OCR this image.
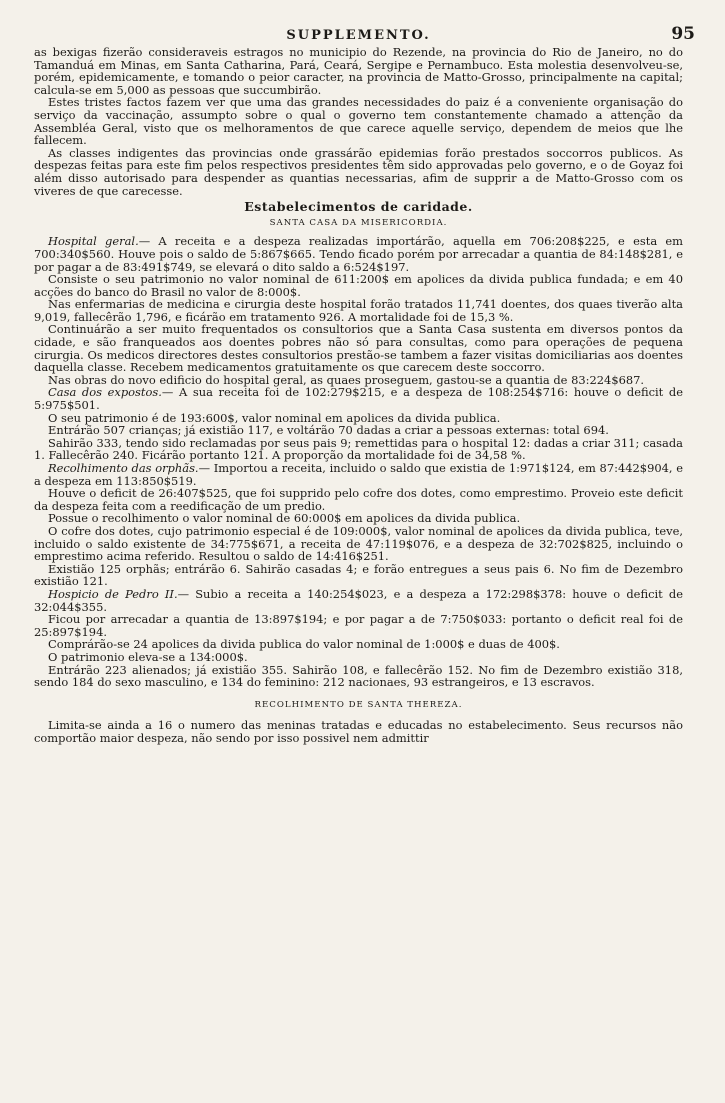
SUPPLEMENTO.	95

as bexigas fizerão consideraveis estragos no municipio do Rezende, na provincia do Rio de Janeiro, no do Tamanduá em Minas, em Santa Catharina, Pará, Ceará, Sergipe e Pernambuco. Esta molestia desenvolveu-se, porém, epidemicamente, e tomando o peior caracter, na provincia de Matto-Grosso, principalmente na capital; calcula-se em 5,000 as pessoas que succumbirão.

Estes tristes factos fazem ver que uma das grandes necessidades do paiz é a conveniente organisação do serviço da vaccinação, assumpto sobre o qual o governo tem constantemente chamado a attenção da Assembléa Geral, visto que os melhoramentos de que carece aquelle serviço, dependem de meios que lhe fallecem.

As classes indigentes das provincias onde grassárão epidemias forão prestados soccorros publicos. As despezas feitas para este fim pelos respectivos presidentes têm sido approvadas pelo governo, e o de Goyaz foi além disso autorisado para despender as quantias necessarias, afim de supprir a de Matto-Grosso com os viveres de que carecesse.

Estabelecimentos de caridade.
SANTA CASA DA MISERICORDIA.

Hospital geral.— A receita e a despeza realizadas importárão, aquella em 706:208$225, e esta em 700:340$560. Houve pois o saldo de 5:867$665. Tendo ficado porém por arrecadar a quantia de 84:148$281, e por pagar a de 83:491$749, se elevará o dito saldo a 6:524$197.

Consiste o seu patrimonio no valor nominal de 611:200$ em apolices da divida publica fundada; e em 40 acções do banco do Brasil no valor de 8:000$.

Nas enfermarias de medicina e cirurgia deste hospital forão tratados 11,741 doentes, dos quaes tiverão alta 9,019, fallecêrão 1,796, e ficárão em tratamento 926. A mortalidade foi de 15,3 %.

Continuárão a ser muito frequentados os consultorios que a Santa Casa sustenta em diversos pontos da cidade, e são franqueados aos doentes pobres não só para consultas, como para operações de pequena cirurgia. Os medicos directores destes consultorios prestão-se tambem a fazer visitas domiciliarias aos doentes daquella classe. Recebem medicamentos gratuitamente os que carecem deste soccorro.

Nas obras do novo edificio do hospital geral, as quaes proseguem, gastou-se a quantia de 83:224$687.

Casa dos expostos.— A sua receita foi de 102:279$215, e a despeza de 108:254$716: houve o deficit de 5:975$501.

O seu patrimonio é de 193:600$, valor nominal em apolices da divida publica.

Entrárão 507 crianças; já existião 117, e voltárão 70 dadas a criar a pessoas externas: total 694.

Sahirão 333, tendo sido reclamadas por seus pais 9; remettidas para o hospital 12: dadas a criar 311; casada 1. Fallecêrão 240. Ficárão portanto 121. A proporção da mortalidade foi de 34,58 %.

Recolhimento das orphãs.— Importou a receita, incluido o saldo que existia de 1:971$124, em 87:442$904, e a despeza em 113:850$519.

Houve o deficit de 26:407$525, que foi supprido pelo cofre dos dotes, como emprestimo. Proveio este deficit da despeza feita com a reedificação de um predio.

Possue o recolhimento o valor nominal de 60:000$ em apolices da divida publica.

O cofre dos dotes, cujo patrimonio especial é de 109:000$, valor nominal de apolices da divida publica, teve, incluido o saldo existente de 34:775$671, a receita de 47:119$076, e a despeza de 32:702$825, incluindo o emprestimo acima referido. Resultou o saldo de 14:416$251.

Existião 125 orphãs; entrárão 6. Sahirão casadas 4; e forão entregues a seus pais 6. No fim de Dezembro existião 121.

Hospicio de Pedro II.— Subio a receita a 140:254$023, e a despeza a 172:298$378: houve o deficit de 32:044$355.

Ficou por arrecadar a quantia de 13:897$194; e por pagar a de 7:750$033: portanto o deficit real foi de 25:897$194.

Comprárão-se 24 apolices da divida publica do valor nominal de 1:000$ e duas de 400$.

O patrimonio eleva-se a 134:000$.

Entrárão 223 alienados; já existião 355. Sahirão 108, e fallecêrão 152. No fim de Dezembro existião 318, sendo 184 do sexo masculino, e 134 do feminino: 212 nacionaes, 93 estrangeiros, e 13 escravos.

RECOLHIMENTO DE SANTA THEREZA.

Limita-se ainda a 16 o numero das meninas tratadas e educadas no estabelecimento. Seus recursos não comportão maior despeza, não sendo por isso possivel nem admittir
